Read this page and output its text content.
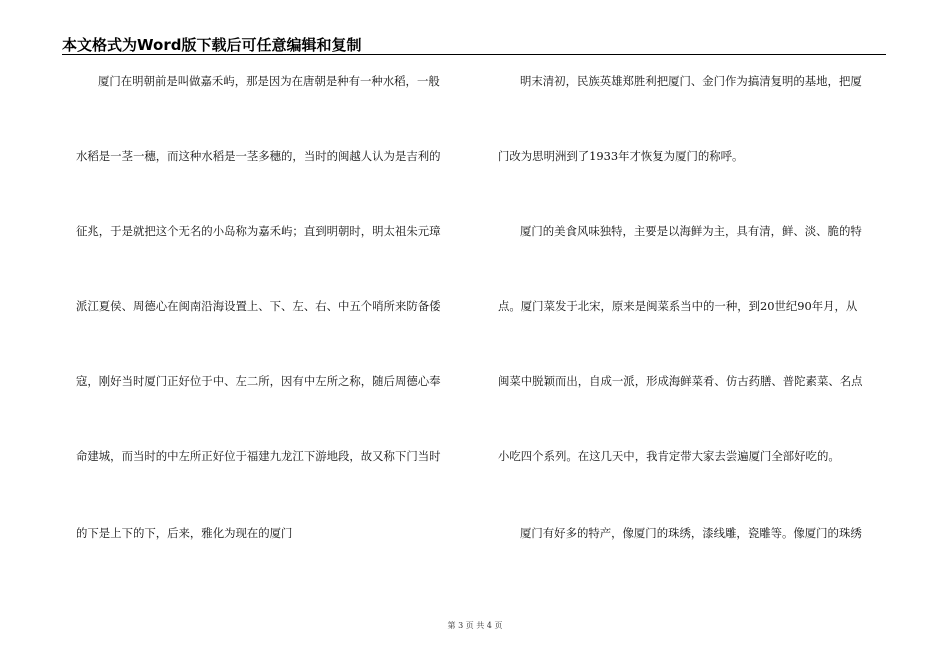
本文格式为Word版下载后可任意编辑和复制
厦门在明朝前是叫做嘉禾屿，那是因为在唐朝是种有一种水稻，一般
水稻是一茎一穗，而这种水稻是一茎多穗的，当时的闽越人认为是吉利的
征兆，于是就把这个无名的小岛称为嘉禾屿；直到明朝时，明太祖朱元璋
派江夏侯、周德心在闽南沿海设置上、下、左、右、中五个哨所来防备倭
寇，刚好当时厦门正好位于中、左二所，因有中左所之称，随后周德心奉
命建城，而当时的中左所正好位于福建九龙江下游地段，故又称下门当时
的下是上下的下，后来，雅化为现在的厦门
明末清初，民族英雄郑胜利把厦门、金门作为搞清复明的基地，把厦
门改为思明洲到了1933年才恢复为厦门的称呼。
厦门的美食风味独特，主要是以海鲜为主，具有清，鲜、淡、脆的特
点。厦门菜发于北宋，原来是闽菜系当中的一种，到20世纪90年月，从
闽菜中脱颖而出，自成一派，形成海鲜菜肴、仿古药膳、普陀素菜、名点
小吃四个系列。在这几天中，我肯定带大家去尝遍厦门全部好吃的。
厦门有好多的特产，像厦门的珠绣，漆线雕，瓷雕等。像厦门的珠绣
第 3 页 共 4 页
